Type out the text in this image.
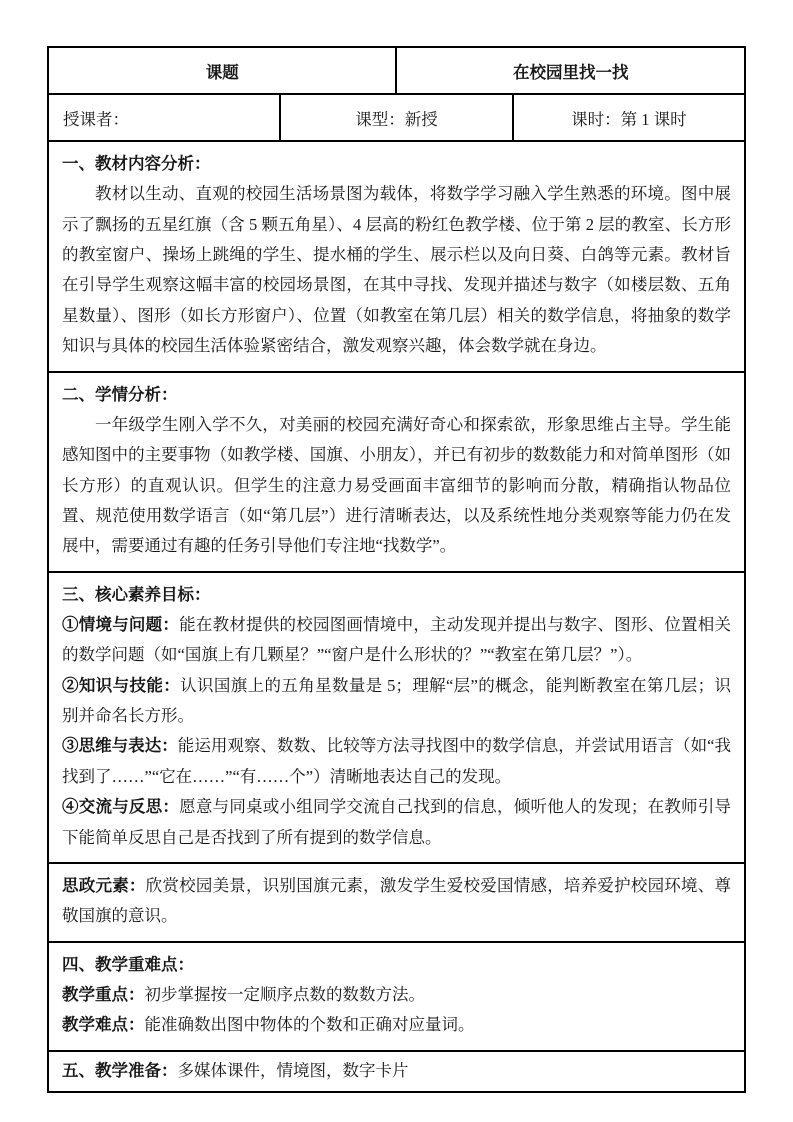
课题		在校园里找一找	
授课者：	课型：新授		课时：第 1 课时

一、教材内容分析：

教材以生动、直观的校园生活场景图为载体，将数学学习融入学生熟悉的环境。图中展示了飘扬的五星红旗（含 5 颗五角星）、4 层高的粉红色教学楼、位于第 2 层的教室、长方形的教室窗户、操场上跳绳的学生、提水桶的学生、展示栏以及向日葵、白鸽等元素。教材旨在引导学生观察这幅丰富的校园场景图，在其中寻找、发现并描述与数字（如楼层数、五角星数量）、图形（如长方形窗户）、位置（如教室在第几层）相关的数学信息，将抽象的数学知识与具体的校园生活体验紧密结合，激发观察兴趣，体会数学就在身边。			

二、学情分析：

一年级学生刚入学不久，对美丽的校园充满好奇心和探索欲，形象思维占主导。学生能感知图中的主要事物（如教学楼、国旗、小朋友），并已有初步的数数能力和对简单图形（如长方形）的直观认识。但学生的注意力易受画面丰富细节的影响而分散，精确指认物品位置、规范使用数学语言（如“第几层”）进行清晰表达，以及系统性地分类观察等能力仍在发展中，需要通过有趣的任务引导他们专注地“找数学”。			

三、核心素养目标：

①情境与问题：能在教材提供的校园图画情境中，主动发现并提出与数字、图形、位置相关的数学问题（如“国旗上有几颗星？”“窗户是什么形状的？”“教室在第几层？”）。

②知识与技能：认识国旗上的五角星数量是 5；理解“层”的概念，能判断教室在第几层；识别并命名长方形。

③思维与表达：能运用观察、数数、比较等方法寻找图中的数学信息，并尝试用语言（如“我找到了……”“它在……”“有……个”）清晰地表达自己的发现。

④交流与反思：愿意与同桌或小组同学交流自己找到的信息，倾听他人的发现；在教师引导下能简单反思自己是否找到了所有提到的数学信息。			

思政元素：欣赏校园美景，识别国旗元素，激发学生爱校爱国情感，培养爱护校园环境、尊敬国旗的意识。			

四、教学重难点：

教学重点：初步掌握按一定顺序点数的数数方法。

教学难点：能准确数出图中物体的个数和正确对应量词。			

五、教学准备：多媒体课件，情境图，数字卡片			
